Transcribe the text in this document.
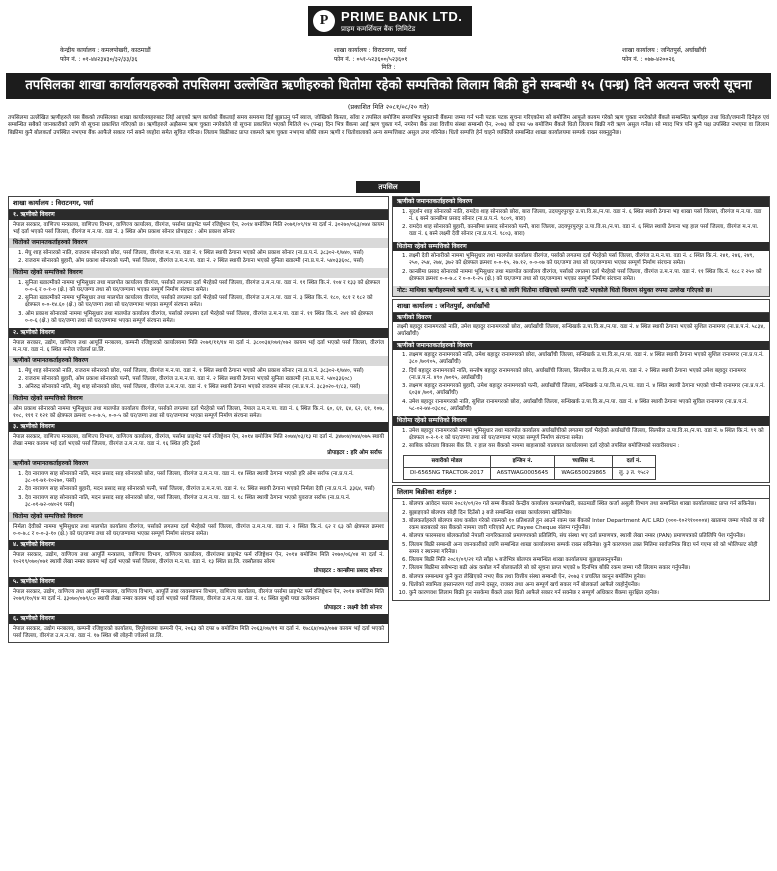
P PRIME BANK LTD.
प्राइम कमर्शियल बैंक लिमिटेड
केन्द्रीय कार्यालय : कमलपोखरी, काठमाडौं
फोन नं. : ०१-४४२३४३०/३२/३३/३६
शाखा कार्यालय : विराटनगर, पर्सा
फोन नं. : ०५१-५२३६००/५२३६०१
शाखा कार्यालय : जनितपुर्स, अर्घाखाँची
फोन नं. : ०७७-४२००२६
मिति :
तपसिलका शाखा कार्यालयहरुको तपसिलमा उल्लेखित ऋणीहरुको धितोमा रहेको सम्पत्तिको लिलाम बिक्री हुने सम्बन्धी १५ (पन्ध्र) दिने अत्यन्त जरुरी सूचना
(प्रकाशित मिति २०८१/०८/२० गते)
तपसिलमा उल्लेखित ऋणीहरुले यस बैंकको तपसिलका शाखा कार्यालयहरुबाट लिई आएको ऋण कार्यको बैंकलाई समय समयमा दिई बुझाउनु पर्ने ब्याज, जोखिको किस्ता, साँवा र तपसिल बमोजिम समयभित्र भुक्तानी बैंकमा जम्मा गर्न भनी पटक पटक सूचना गरिएकोमा सो बमोजिम आफूले कायम गरेको ऋण चुक्ता नगरेकोले बैंकले सम्बन्धित ऋणीहरु तथा धितो/जमानी दिनेहरु एवं सम्बन्धित सबैको जानकारीको लागि यो सूचना प्रकाशित गरिएको छ। ऋणीहरुले अझैसम्म ऋण चुक्ता नगरेकोले यो सूचना प्रकाशित भएको मितिले १५ (पन्ध्र) दिन भित्र बैंकमा आई ऋण चुक्ता गर्न, नगरेमा बैंक तथा वित्तीय संस्था सम्बन्धी ऐन, २०७३ को दफा ५७ बमोजिम बैंकले धितो लिलाम बिक्री गरी ऋण असुल गर्नेछ। सो म्याद भित्र पनि कुनै पक्ष उपस्थित नभएमा वा लिलाम बिक्रीमा कुनै बोलकर्ता उपस्थित नभएमा बैंक आफैले सकार गर्न सक्ने व्यहोरा समेत सूचित गरिन्छ। लिलाम बिक्रीबाट प्राप्त रकमले ऋण चुक्ता नभएमा बाँकी रकम ऋणी र धितोवालाको अन्य सम्पत्तिबाट असुल उपर गरिनेछ। धितो सम्पत्ति हेर्न चाहने व्यक्तिले सम्बन्धित शाखा कार्यालयमा सम्पर्क राख्न सक्नुहुनेछ।
तपसिल
शाखा कार्यालय : विराटनगर, पर्सा
१. ऋणीको विवरण
नेपाल सरकार, वाणिज्य मन्त्रालय, वाणिज्य विभाग, वाणिज्य कार्यालय, वीरगंज, पर्सामा प्राइभेट फर्म रजिष्ट्रेशन ऐन, २०१४ बमोजिम मिति २०७१/०९/१४ मा दर्ता नं. ३०२७०/०६३/०७४ कायम भई दर्ता भएको पर्सा जिल्ला, वीरगंज म.न.पा. वडा नं. ३ स्थित ओम प्रकाश सोनार प्रोपाइटर : ओम प्रकाश सोनार
धितोको जमानतकर्ताहरुको विवरण
1. मेघु शाह सोनारको नाति, राजराम सोनारको छोरा, पर्सा जिल्ला, वीरगंज म.न.पा. वडा नं. १ स्थित स्थायी ठेगाना भएको ओम प्रकाश सोनार (ना.प्र.प.नं. ३८३०२-१/७४०, पर्सा)
2. राजराम सोनारको बुहारी, ओम प्रकाश सोनारको पत्नी, पर्सा जिल्ला, वीरगंज उ.म.न.पा. वडा नं. २ स्थित स्थायी ठेगाना भएको सुनिता ख्वाल्मी (ना.प्र.प.नं. ५४०३३६०८, पर्सा)
धितोमा रहेको सम्पत्तिको विवरण
1. सुनिता ख्वाल्मीको नाममा भूमिसुधार तथा मालपोत कार्यालय वीरगंज, पर्साको लगतमा दर्ता भैरहेको पर्सा जिल्ला, वीरगंज उ.म.न.पा. वडा नं. ११ स्थित कि.नं. १०४ र १३३ को क्षेत्रफल ०-०-६ र ०-१-० (क्षे.) को घर/जग्गा तथा सो घर/जग्गामा भएका सम्पूर्ण निर्माण संरचना समेत।
2. सुनिता ख्वाल्मीको नाममा भूमिसुधार तथा मालपोत कार्यालय वीरगंज, पर्साको लगतमा दर्ता भैरहेको पर्सा जिल्ला, वीरगंज उ.म.न.पा. वडा नं. ३ स्थित कि.नं. १८०, १८१ र १८२ को क्षेत्रफल ०-०-१४.६० (क्षे.) को घर/जग्गा तथा सो घर/जग्गामा भएका सम्पूर्ण संरचना समेत।
3. ओम प्रकाश सोनारको नाममा भूमिसुधार तथा मालपोत कार्यालय वीरगंज, पर्साको लगतमा दर्ता भैरहेको पर्सा जिल्ला, वीरगंज उ.म.न.पा. वडा नं. ११ स्थित कि.नं. २४१ को क्षेत्रफल ०-०-६ (क्षे.) को घर/जग्गा तथा सो घर/जग्गामा भएका सम्पूर्ण संरचना समेत।
२. ऋणीको विवरण
नेपाल सरकार, उद्योग, वाणिज्य तथा आपूर्ति मन्त्रालय, कम्पनी रजिष्ट्रारको कार्यालयमा मिति २०७१/११/१४ मा दर्ता नं. ३८००३४/०७१/०७२ कायम भई दर्ता भएको पर्सा जिल्ला, वीरगंज म.न.पा. वडा नं. ६ स्थित मनोज ज्वेलर्स प्रा.लि.
ऋणीको जमानतकर्ताहरुको विवरण
1. मेघु शाह सोनारको नाति, राजराम सोनारको छोरा, पर्सा जिल्ला, वीरगंज म.न.पा. वडा नं. १ स्थित स्थायी ठेगाना भएको ओम प्रकाश सोनार (ना.प्र.प.नं. ३८३०२-१/७४०, पर्सा)
2. राजराम सोनारको बुहारी, ओम प्रकाश सोनारको पत्नी, पर्सा जिल्ला, वीरगंज उ.म.न.पा. वडा नं. २ स्थित स्थायी ठेगाना भएको सुनिता ख्वाल्मी (ना.प्र.प.नं. ५४०३३६०८)
3. अनिरुद्र सोनारको नाति, मेघु शाह सोनारको छोरा, पर्सा जिल्ला, वीरगंज उ.म.न.पा. वडा नं. १ स्थित स्थायी ठेगाना भएको राजराम सोनार (ना.प्र.प.नं. ३८३०२०-१/८३, पर्सा)
धितोमा रहेको सम्पत्तिको विवरण
ओम प्रकाश सोनारको नाममा भूमिसुधार तथा मालपोत कार्यालय वीरगंज, पर्साको लगतमा दर्ता भैरहेको पर्सा जिल्ला, नेपाल उ.म.न.पा. वडा नं. ६ स्थित कि.नं. ६०, ६१, ६४, ६२, ६१, १०७, १०८, १११ र १२१ को क्षेत्रफल क्रमशः ०-०-७.५, ०-०-५ को घर/जग्गा तथा सो घर/जग्गामा भएका सम्पूर्ण निर्माण संरचना समेत।
३. ऋणीको विवरण
नेपाल सरकार, वाणिज्य मन्त्रालय, वाणिज्य विभाग, वाणिज्य कार्यालय, वीरगंज, पर्सामा प्राइभेट फर्म रजिष्ट्रेशन ऐन, २०१४ बमोजिम मिति २०७४/०३/१३ मा दर्ता नं. ३४७०४/०७४/०७५ स्थायी लेखा नम्बर कायम भई दर्ता भएको पर्सा जिल्ला, वीरगंज उ.म.न.पा. वडा नं. १६ स्थित हरि ट्रेडर्स
प्रोपाइटर : हरि ओम सर्राफ
ऋणीको जमानतकर्ताहरुको विवरण
1. देव नारायण साह सोनारको नाति, मदन प्रसाद साह सोनारको छोरा, पर्सा जिल्ला, वीरगंज उ.म.न.पा. वडा नं. १४ स्थित स्थायी ठेगाना भएको हरि ओम सर्राफ (ना.प्र.प.नं. ३८-०१-७१-१०२७०, पर्सा)
2. देव नारायण साह सोनारको बुहारी, मदन प्रसाद साह सोनारको पत्नी, पर्सा जिल्ला, वीरगंज उ.म.न.पा. वडा नं. १८ स्थित स्थायी ठेगाना भएको निर्मला देवी (ना.प्र.प.नं. ३३६४, पर्सा)
3. देव नारायण साह सोनारको नाति, मदन प्रसाद साह सोनारको छोरा, पर्सा जिल्ला, वीरगंज उ.म.न.पा. वडा नं. १८ स्थित स्थायी ठेगाना भएको युवराज सर्राफ (ना.प्र.प.नं. ३८-०१-७२-०४०२१ पर्सा)
धितोमा रहेको सम्पत्तिको विवरण
निर्मला देवीको नाममा भूमिसुधार तथा मालपोत कार्यालय वीरगंज, पर्साको लगतमा दर्ता भैरहेको पर्सा जिल्ला, वीरगंज उ.म.न.पा. वडा नं. २ स्थित कि.नं. ६२ र ६३ को क्षेत्रफल क्रमशः ०-०-७.८ र ०-०-३-१० (क्षे.) को घर/जग्गा तथा सो घर/जग्गामा भएका सम्पूर्ण निर्माण संरचना समेत।
४. ऋणीको विवरण
नेपाल सरकार, उद्योग, वाणिज्य तथा आपूर्ति मन्त्रालय, वाणिज्य विभाग, वाणिज्य कार्यालय, वीरगंजमा प्राइभेट फर्म रजिष्ट्रेशन ऐन, २०१४ बमोजिम मिति २०७०/०६/०४ मा दर्ता नं. १०२१९/०७०/०७१ स्थायी लेखा नम्बर कायम भई दर्ता भएको पर्सा जिल्ला, वीरगंज म.न.पा. वडा नं. १३ स्थित प्रा.लि. रक्सौलका सोरम
प्रोपाइटर : कान्छीमा प्रसाद सोनार
५. ऋणीको विवरण
नेपाल सरकार, उद्योग, वाणिज्य तथा आपूर्ति मन्त्रालय, वाणिज्य विभाग, आपूर्ति तथा व्यवस्थापन विभाग, वाणिज्य कार्यालय, वीरगंज पर्सामा प्राइभेट फर्म रजिष्ट्रेशन ऐन, २०१४ बमोजिम मिति २०७९/१०/१४ मा दर्ता नं. ३३०७०/०७९/८० स्थायी लेखा नम्बर कायम भई दर्ता भएको पर्सा जिल्ला, वीरगंज उ.म.न.पा. वडा नं. १८ स्थित सुश्री पद्मा कलेक्शन
प्रोपाइटर : लक्ष्मी देवी सोनार
६. ऋणीको विवरण
नेपाल सरकार, उद्योग मन्त्रालय, कम्पनी रजिष्ट्रारको कार्यालय, त्रिपुरेश्वरमा कम्पनी ऐन, २०६३ को दफा ७ बमोजिम मिति २०६३/०७/११ मा दर्ता नं. १७८६४/०७३/०७४ कायम भई दर्ता भएको पर्सा जिल्ला, वीरगंज उ.म.न.पा. वडा नं. १७ स्थित श्री लोहनी ज्वेलर्स प्रा.लि.
ऋणीको जमानतकर्ताहरुको विवरण
1. सुदर्शन शाह सोनारको नाति, रामदेव शाह सोनारको छोरा, बारा जिल्ला, उदयपुरपुरपुर उ.पा.वि.स./न.पा. वडा नं. ६ स्थित स्थायी ठेगाना भइ शाखा पर्सा जिल्ला, वीरगंज म.न.पा. वडा नं. ६ बस्ने कान्छीमा प्रसाद सोनार (ना.प्र.प.नं. ९८०९, बारा)
2. रामदेव शाह सोनारको बुहारी, कान्छीमा प्रसाद सोनारको पत्नी, बारा जिल्ला, उदयपुरपुरपुर उ.पा.वि.स./न.पा. वडा नं. ६ स्थित स्थायी ठेगाना भइ हाल पर्सा जिल्ला, वीरगंज म.न.पा. वडा नं. ६ बस्ने लक्ष्मी देवी सोनार (ना.प्र.प.नं. ९८०३, बारा)
धितोमा रहेको सम्पत्तिको विवरण
1. लक्ष्मी देवी सोनारीको नाममा भूमिसुधार तथा मालपोत कार्यालय वीरगंज, पर्साको लगतमा दर्ता भैरहेको पर्सा जिल्ला, वीरगंज उ.म.न.पा. वडा नं. ८ स्थित कि.नं. २४१, २४६, २४९, २५०, २५४, २७४, ३७२ को क्षेत्रफल क्रमशः ०-०-१५, २७.१२, ०-०-०७ को घर/जग्गा तथा सो घर/जग्गामा भएका सम्पूर्ण निर्माण संरचना समेत।
2. कान्छीमा प्रसाद सोनारको नाममा भूमिसुधार तथा मालपोत कार्यालय वीरगंज, पर्साको लगतमा दर्ता भैरहेको पर्सा जिल्ला, वीरगंज उ.म.न.पा. वडा नं. ११ स्थित कि.नं. १८८ र २५० को क्षेत्रफल क्रमशः ०-०-७.८ र ०-०-१-२५ (क्षे.) को घर/जग्गा तथा सो घर/जग्गामा भएका सम्पूर्ण निर्माण संरचना समेत।
नोट: माथिका ऋणीहरुमध्ये ऋणी नं. ४, ५ र ६ को लागि धितोमा राखिएको सम्पत्ति एउटै भएकोले धितो विवरण संयुक्त रुपमा उल्लेख गरिएको छ।
शाखा कार्यालय : जनितपुर्स, अर्घाखाँची
ऋणीको विवरण
लक्ष्मी बहादुर रानामगरको नाति, उमेश बहादुर रानामगरको छोरा, अर्घाखाँची जिल्ला, सन्धिखर्क उ.पा.वि.स./न.पा. वडा नं. ४ स्थित स्थायी ठेगाना भएको सुशिल रानामगर (ना.प्र.प.नं. ५८३४, अर्घाखाँची)
ऋणीको जमानतकर्ताहरुको विवरण
1. लक्ष्मण बहादुर रानामगरको नाति, उमेश बहादुर रानामगरको छोरा, अर्घाखाँची जिल्ला, सन्धिखर्क उ.पा.वि.स./न.पा. वडा नं. ४ स्थित स्थायी ठेगाना भएको सुशिल रानामगर (ना.प्र.प.नं. ३८० /७०१०५, अर्घाखाँची)
2. दिर्घ बहादुर रानामगरको नाति, सन्तोष बहादुर रानामगरको छोरा, अर्घाखाँची जिल्ला, सिल्सील उ.पा.वि.स./न.पा. वडा नं. २ स्थित स्थायी ठेगाना भएको उमेश बहादुर रानामगर (ना.प्र.प.नं. ४९० /७०१५, अर्घाखाँची)
3. लक्ष्मण बहादुर रानामगरको बुहारी, उमेश बहादुर रानामगरको पत्नी, अर्घाखाँची जिल्ला, सन्धिखर्क उ.पा.वि.स./न.पा. वडा नं. ४ स्थित स्थायी ठेगाना भएको चोम्नी रानामगर (ना.प्र.प.नं. ६०३४ /७०१, अर्घाखाँची)
4. उमेश बहादुर रानामगरको नाति, सुशिल रानामगरको छोरा, अर्घाखाँची जिल्ला, सन्धिखर्क उ.पा.वि.स./न.पा. वडा नं. ४ स्थित स्थायी ठेगाना भएको सुविल रानामगर (ना.प्र.प.नं. ५८-०२-७४-०३८०८, अर्घाखाँची)
धितोमा रहेको सम्पत्तिको विवरण
1. उमेश बहादुर रानामगरको नाममा भूमिसुधार तथा मालपोत कार्यालय अर्घाखाँचीको लगतमा दर्ता भैरहेको अर्घाखाँची जिल्ला, सिल्सील उ.पा.वि.स./न.पा. वडा नं. ७ स्थित कि.नं. ९९ को क्षेत्रफल ०-२-१-१ को घर/जग्गा तथा सो घर/जग्गामा भएका सम्पूर्ण निर्माण संरचना समेत।
2. साबिक कोराला बिकास बैंक लि. र हाल यस बैंकको नाममा बाहासाको यातायात कार्यालयमा दर्ता रहेको तपसिल बमोजिमको सवारीसाधन :
सवारीको मोडल	इन्जिन नं.	च्यासिस नं.	दर्ता नं.
DI-6565NG TRACTOR-2017	A6STWAG0005645	WAG650029865	लु. ३ त. ९५८२
लिलाम बिक्रीका शर्तहरु :
1. बोलपत्र आवेदन फारम २०८१/०९/२० गते सम्म बैंकको केन्द्रीय कार्यालय कमलपोखरी, काठमाडौं स्थित कर्जा असुली विभाग तथा सम्बन्धित शाखा कार्यालयबाट प्राप्त गर्न सकिनेछ।
2. बुझाइएको बोलपत्र सोही दिन दिउँसो ३ बजे सम्बन्धित शाखा कार्यालयमा खोलिनेछ।
3. बोलकर्ताहरुले बोलपत्र साथ कबोल गरेको रकमको १० प्रतिशतले हुन आउने रकम यस बैंकको Inter Department A/C LRD (०००-१०२९१००००४) खातामा जम्मा गरेको वा सो रकम बराबरको यस बैंकको नाममा जारी गरिएको A/C Payee Cheque संलग्न गर्नुपर्नेछ।
4. बोलपत्र फारमसाथ बोलकर्ताको नेपाली नागरिकताको प्रमाणपत्रको प्रतिलिपि, संघ संस्था भए दर्ता प्रमाणपत्र, स्थायी लेखा नम्बर (PAN) प्रमाणपत्रको प्रतिलिपि पेश गर्नुपर्नेछ।
5. लिलाम बिक्री सम्बन्धी अन्य जानकारीको लागि सम्बन्धित शाखा कार्यालयमा सम्पर्क राख्न सकिनेछ। कुनै कारणवश उक्त मितिमा सार्वजनिक बिदा पर्न गएमा सो को भोलिपल्ट सोही समय र स्थानमा गरिनेछ।
6. लिलाम बिक्री मिति २०८१/०९/२१ गते साँझ ५ बजेभित्र बोलपत्र सम्बन्धित शाखा कार्यालयमा बुझाइसक्नुपर्नेछ।
7. लिलाम बिक्रीमा सबैभन्दा बढी अंक कबोल गर्ने बोलकर्ताले सो को सूचना प्राप्त भएको ७ दिनभित्र बाँकी रकम जम्मा गरी लिलाम सकार गर्नुपर्नेछ।
8. बोलपत्र सम्बन्धमा कुनै कुरा लेखिएको नभए बैंक तथा वित्तीय संस्था सम्बन्धी ऐन, २०७३ र प्रचलित कानून बमोजिम हुनेछ।
9. धितोको स्वामित्व हस्तान्तरण गर्दा लाग्ने दस्तुर, राजस्व तथा अन्य सम्पूर्ण खर्च सकार गर्ने बोलकर्ता आफैले व्यहोर्नुपर्नेछ।
10. कुनै कारणवश लिलाम बिक्री हुन नसकेमा बैंकले उक्त धितो आफैले सकार गर्न सक्नेछ र सम्पूर्ण अधिकार बैंकमा सुरक्षित रहनेछ।
